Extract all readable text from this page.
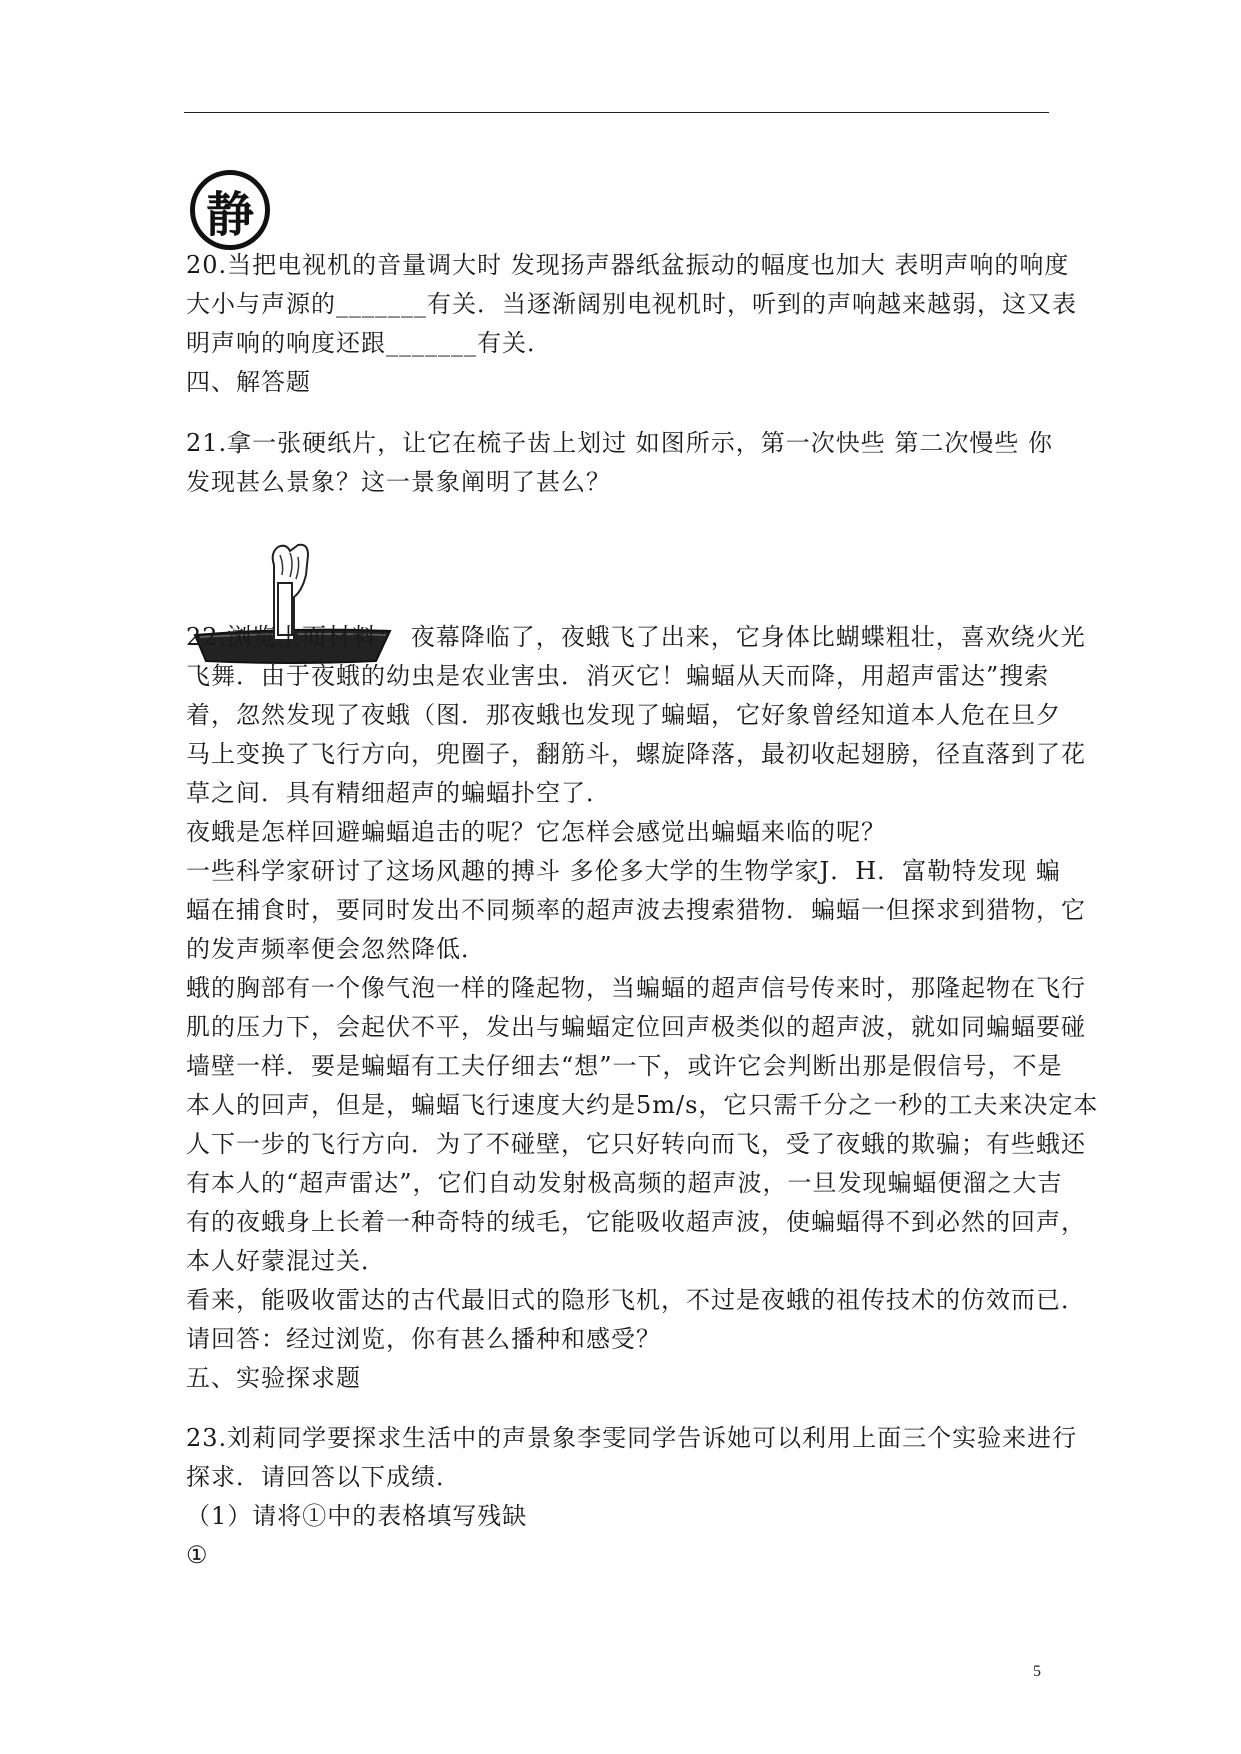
静
20.当把电视机的音量调大时 发现扬声器纸盆振动的幅度也加大 表明声响的响度
大小与声源的_______有关．当逐渐阔别电视机时，听到的声响越来越弱，这又表
明声响的响度还跟_______有关．
四、解答题
21.拿一张硬纸片，让它在梳子齿上划过 如图所示，第一次快些 第二次慢些 你
发现甚么景象？这一景象阐明了甚么？
22.浏览上面材料： 夜幕降临了，夜蛾飞了出来，它身体比蝴蝶粗壮，喜欢绕火光
飞舞．由于夜蛾的幼虫是农业害虫．消灭它！蝙蝠从天而降，用超声雷达”搜索
着，忽然发现了夜蛾（图．那夜蛾也发现了蝙蝠，它好象曾经知道本人危在旦夕
马上变换了飞行方向，兜圈子，翻筋斗，螺旋降落，最初收起翅膀，径直落到了花
草之间．具有精细超声的蝙蝠扑空了．
夜蛾是怎样回避蝙蝠追击的呢？它怎样会感觉出蝙蝠来临的呢？
一些科学家研讨了这场风趣的搏斗 多伦多大学的生物学家J．H．富勒特发现 蝙
蝠在捕食时，要同时发出不同频率的超声波去搜索猎物．蝙蝠一但探求到猎物，它
的发声频率便会忽然降低．
蛾的胸部有一个像气泡一样的隆起物，当蝙蝠的超声信号传来时，那隆起物在飞行
肌的压力下，会起伏不平，发出与蝙蝠定位回声极类似的超声波，就如同蝙蝠要碰
墙壁一样．要是蝙蝠有工夫仔细去“想”一下，或许它会判断出那是假信号，不是
本人的回声，但是，蝙蝠飞行速度大约是5m/s，它只需千分之一秒的工夫来决定本
人下一步的飞行方向．为了不碰壁，它只好转向而飞，受了夜蛾的欺骗；有些蛾还
有本人的“超声雷达”，它们自动发射极高频的超声波，一旦发现蝙蝠便溜之大吉
有的夜蛾身上长着一种奇特的绒毛，它能吸收超声波，使蝙蝠得不到必然的回声，
本人好蒙混过关．
看来，能吸收雷达的古代最旧式的隐形飞机，不过是夜蛾的祖传技术的仿效而已．
请回答：经过浏览，你有甚么播种和感受？
五、实验探求题
23.刘莉同学要探求生活中的声景象李雯同学告诉她可以利用上面三个实验来进行
探求．请回答以下成绩．
（1）请将①中的表格填写残缺
①
5
